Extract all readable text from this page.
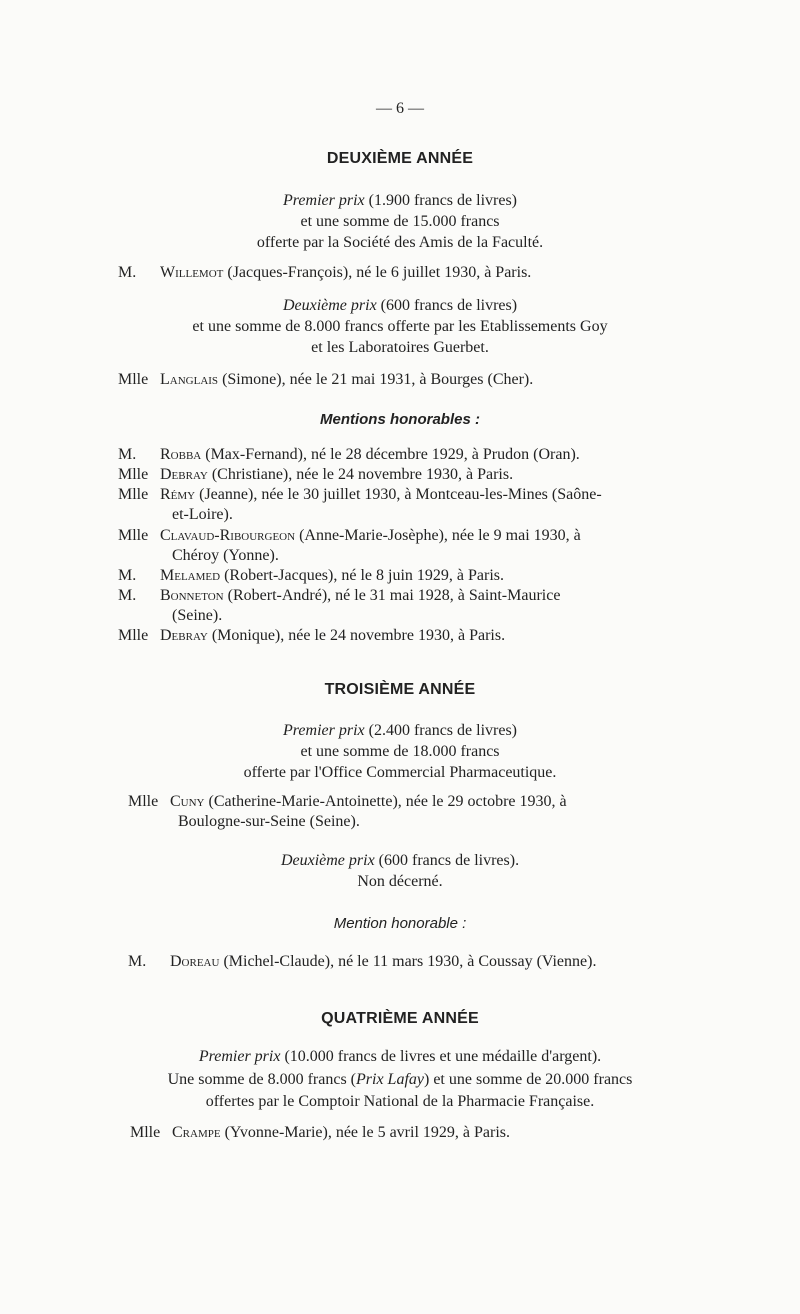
— 6 —
DEUXIÈME ANNÉE
Premier prix (1.900 francs de livres)
et une somme de 15.000 francs
offerte par la Société des Amis de la Faculté.
M. Willemot (Jacques-François), né le 6 juillet 1930, à Paris.
Deuxième prix (600 francs de livres)
et une somme de 8.000 francs offerte par les Etablissements Goy
et les Laboratoires Guerbet.
Mlle Langlais (Simone), née le 21 mai 1931, à Bourges (Cher).
Mentions honorables :
M. Robba (Max-Fernand), né le 28 décembre 1929, à Prudon (Oran).
Mlle Debray (Christiane), née le 24 novembre 1930, à Paris.
Mlle Rémy (Jeanne), née le 30 juillet 1930, à Montceau-les-Mines (Saône-
et-Loire).
Mlle Clavaud-Ribourgeon (Anne-Marie-Josèphe), née le 9 mai 1930, à
Chéroy (Yonne).
M. Melamed (Robert-Jacques), né le 8 juin 1929, à Paris.
M. Bonneton (Robert-André), né le 31 mai 1928, à Saint-Maurice
(Seine).
Mlle Debray (Monique), née le 24 novembre 1930, à Paris.
TROISIÈME ANNÉE
Premier prix (2.400 francs de livres)
et une somme de 18.000 francs
offerte par l'Office Commercial Pharmaceutique.
Mlle Cuny (Catherine-Marie-Antoinette), née le 29 octobre 1930, à
Boulogne-sur-Seine (Seine).
Deuxième prix (600 francs de livres).
Non décerné.
Mention honorable :
M. Doreau (Michel-Claude), né le 11 mars 1930, à Coussay (Vienne).
QUATRIÈME ANNÉE
Premier prix (10.000 francs de livres et une médaille d'argent).
Une somme de 8.000 francs (Prix Lafay) et une somme de 20.000 francs
offertes par le Comptoir National de la Pharmacie Française.
Mlle Crampe (Yvonne-Marie), née le 5 avril 1929, à Paris.
